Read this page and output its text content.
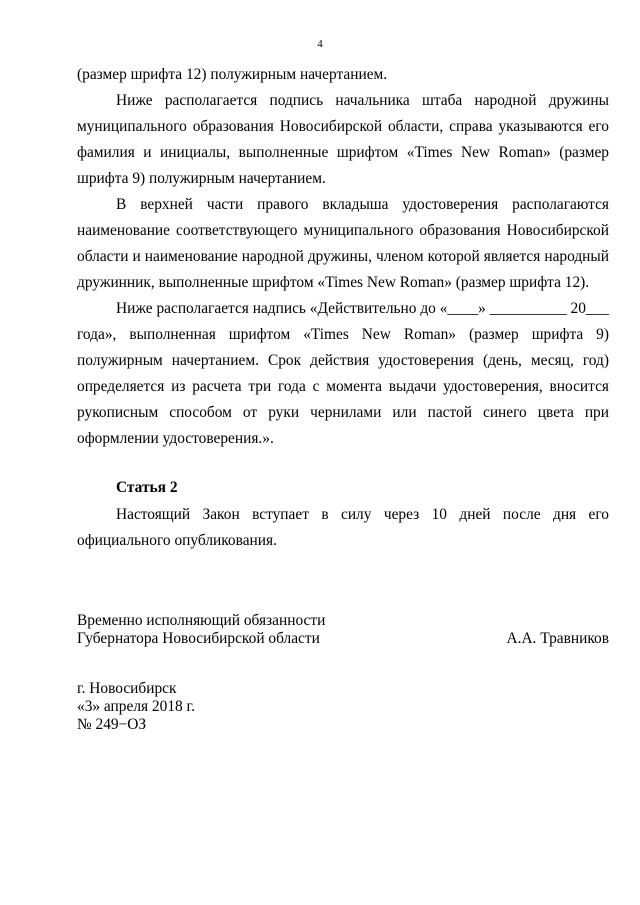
4

(размер шрифта 12) полужирным начертанием.

Ниже располагается подпись начальника штаба народной дружины муниципального образования Новосибирской области, справа указываются его фамилия и инициалы, выполненные шрифтом «Times New Roman» (размер шрифта 9) полужирным начертанием.

В верхней части правого вкладыша удостоверения располагаются наименование соответствующего муниципального образования Новосибирской области и наименование народной дружины, членом которой является народный дружинник, выполненные шрифтом «Times New Roman» (размер шрифта 12).

Ниже располагается надпись «Действительно до «____» __________ 20___ года», выполненная шрифтом «Times New Roman» (размер шрифта 9) полужирным начертанием. Срок действия удостоверения (день, месяц, год) определяется из расчета три года с момента выдачи удостоверения, вносится рукописным способом от руки чернилами или пастой синего цвета при оформлении удостоверения.».

Статья 2

Настоящий Закон вступает в силу через 10 дней после дня его официального опубликования.

Временно исполняющий обязанности
Губернатора Новосибирской области	А.А. Травников
г. Новосибирск
«3» апреля 2018 г.
№ 249−ОЗ
